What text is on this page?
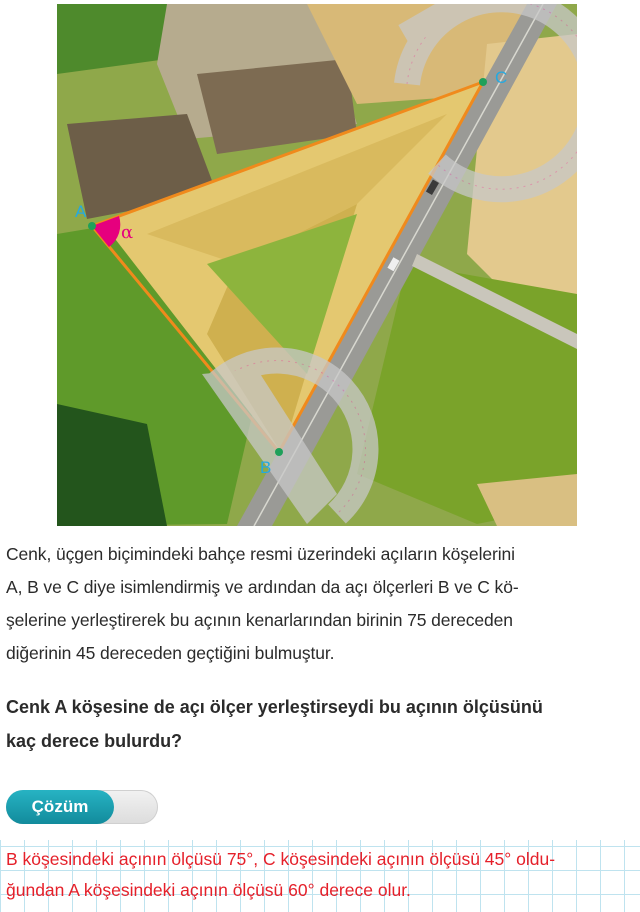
A
C
B
α
Cenk, üçgen biçimindeki bahçe resmi üzerindeki açıların köşelerini
A, B ve C diye isimlendirmiş ve ardından da açı ölçerleri B ve C kö-
şelerine yerleştirerek bu açının kenarlarından birinin 75 dereceden
diğerinin 45 dereceden geçtiğini bulmuştur.
Cenk A köşesine de açı ölçer yerleştirseydi bu açının ölçüsünü
kaç derece bulurdu?
Çözüm
B köşesindeki açının ölçüsü 75°, C köşesindeki açının ölçüsü 45° oldu-
ğundan A köşesindeki açının ölçüsü 60° derece olur.
